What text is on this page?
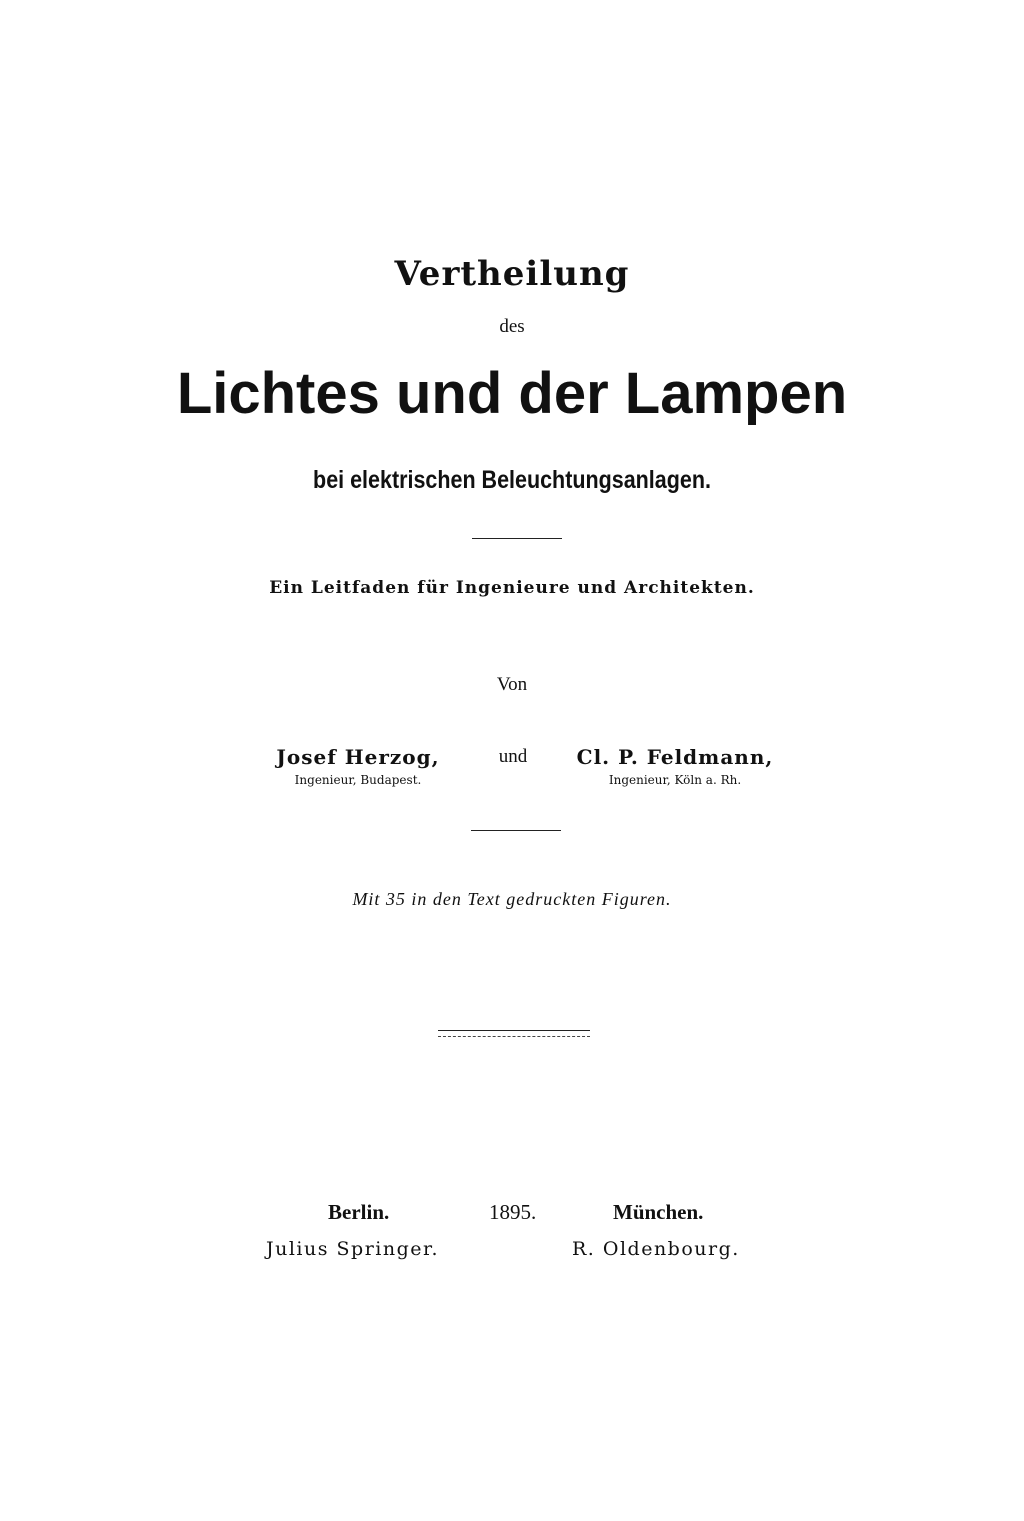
Vertheilung
des
Lichtes und der Lampen
bei elektrischen Beleuchtungsanlagen.
Ein Leitfaden für Ingenieure und Architekten.
Von
Josef Herzog,
Ingenieur, Budapest.
und	Cl. P. Feldmann,
Ingenieur, Köln a. Rh.
Mit 35 in den Text gedruckten Figuren.
Berlin.	1895.	München.
Julius Springer.	R. Oldenbourg.
